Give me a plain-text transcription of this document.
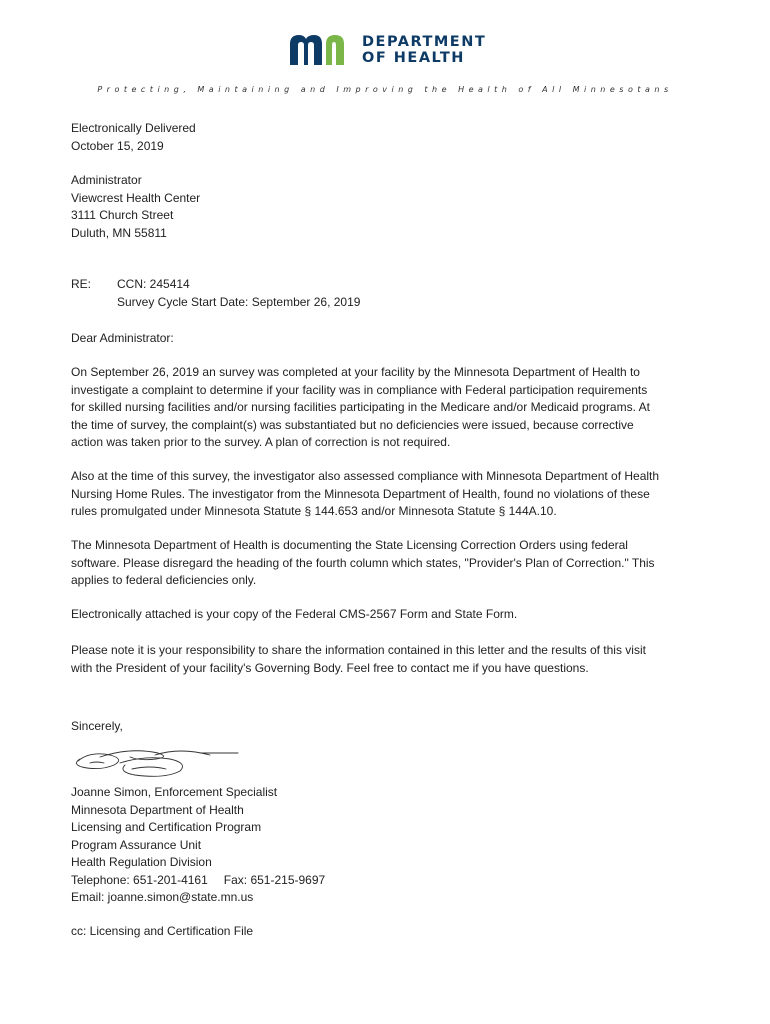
DEPARTMENT
OF HEALTH
Protecting, Maintaining and Improving the Health of All Minnesotans
Electronically Delivered
October 15, 2019
Administrator
Viewcrest Health Center
3111 Church Street
Duluth, MN 55811
RE: CCN: 245414
Survey Cycle Start Date: September 26, 2019
Dear Administrator:
On September 26, 2019 an survey was completed at your facility by the Minnesota Department of Health to
investigate a complaint to determine if your facility was in compliance with Federal participation requirements
for skilled nursing facilities and/or nursing facilities participating in the Medicare and/or Medicaid programs. At
the time of survey, the complaint(s) was substantiated but no deficiencies were issued, because corrective
action was taken prior to the survey. A plan of correction is not required.
Also at the time of this survey, the investigator also assessed compliance with Minnesota Department of Health
Nursing Home Rules. The investigator from the Minnesota Department of Health, found no violations of these
rules promulgated under Minnesota Statute § 144.653 and/or Minnesota Statute § 144A.10.
The Minnesota Department of Health is documenting the State Licensing Correction Orders using federal
software. Please disregard the heading of the fourth column which states, "Provider's Plan of Correction." This
applies to federal deficiencies only.
Electronically attached is your copy of the Federal CMS-2567 Form and State Form.
Please note it is your responsibility to share the information contained in this letter and the results of this visit
with the President of your facility's Governing Body. Feel free to contact me if you have questions.
Sincerely,
Joanne Simon, Enforcement Specialist
Minnesota Department of Health
Licensing and Certification Program
Program Assurance Unit
Health Regulation Division
Telephone: 651-201-4161 Fax: 651-215-9697
Email: joanne.simon@state.mn.us
cc: Licensing and Certification File
